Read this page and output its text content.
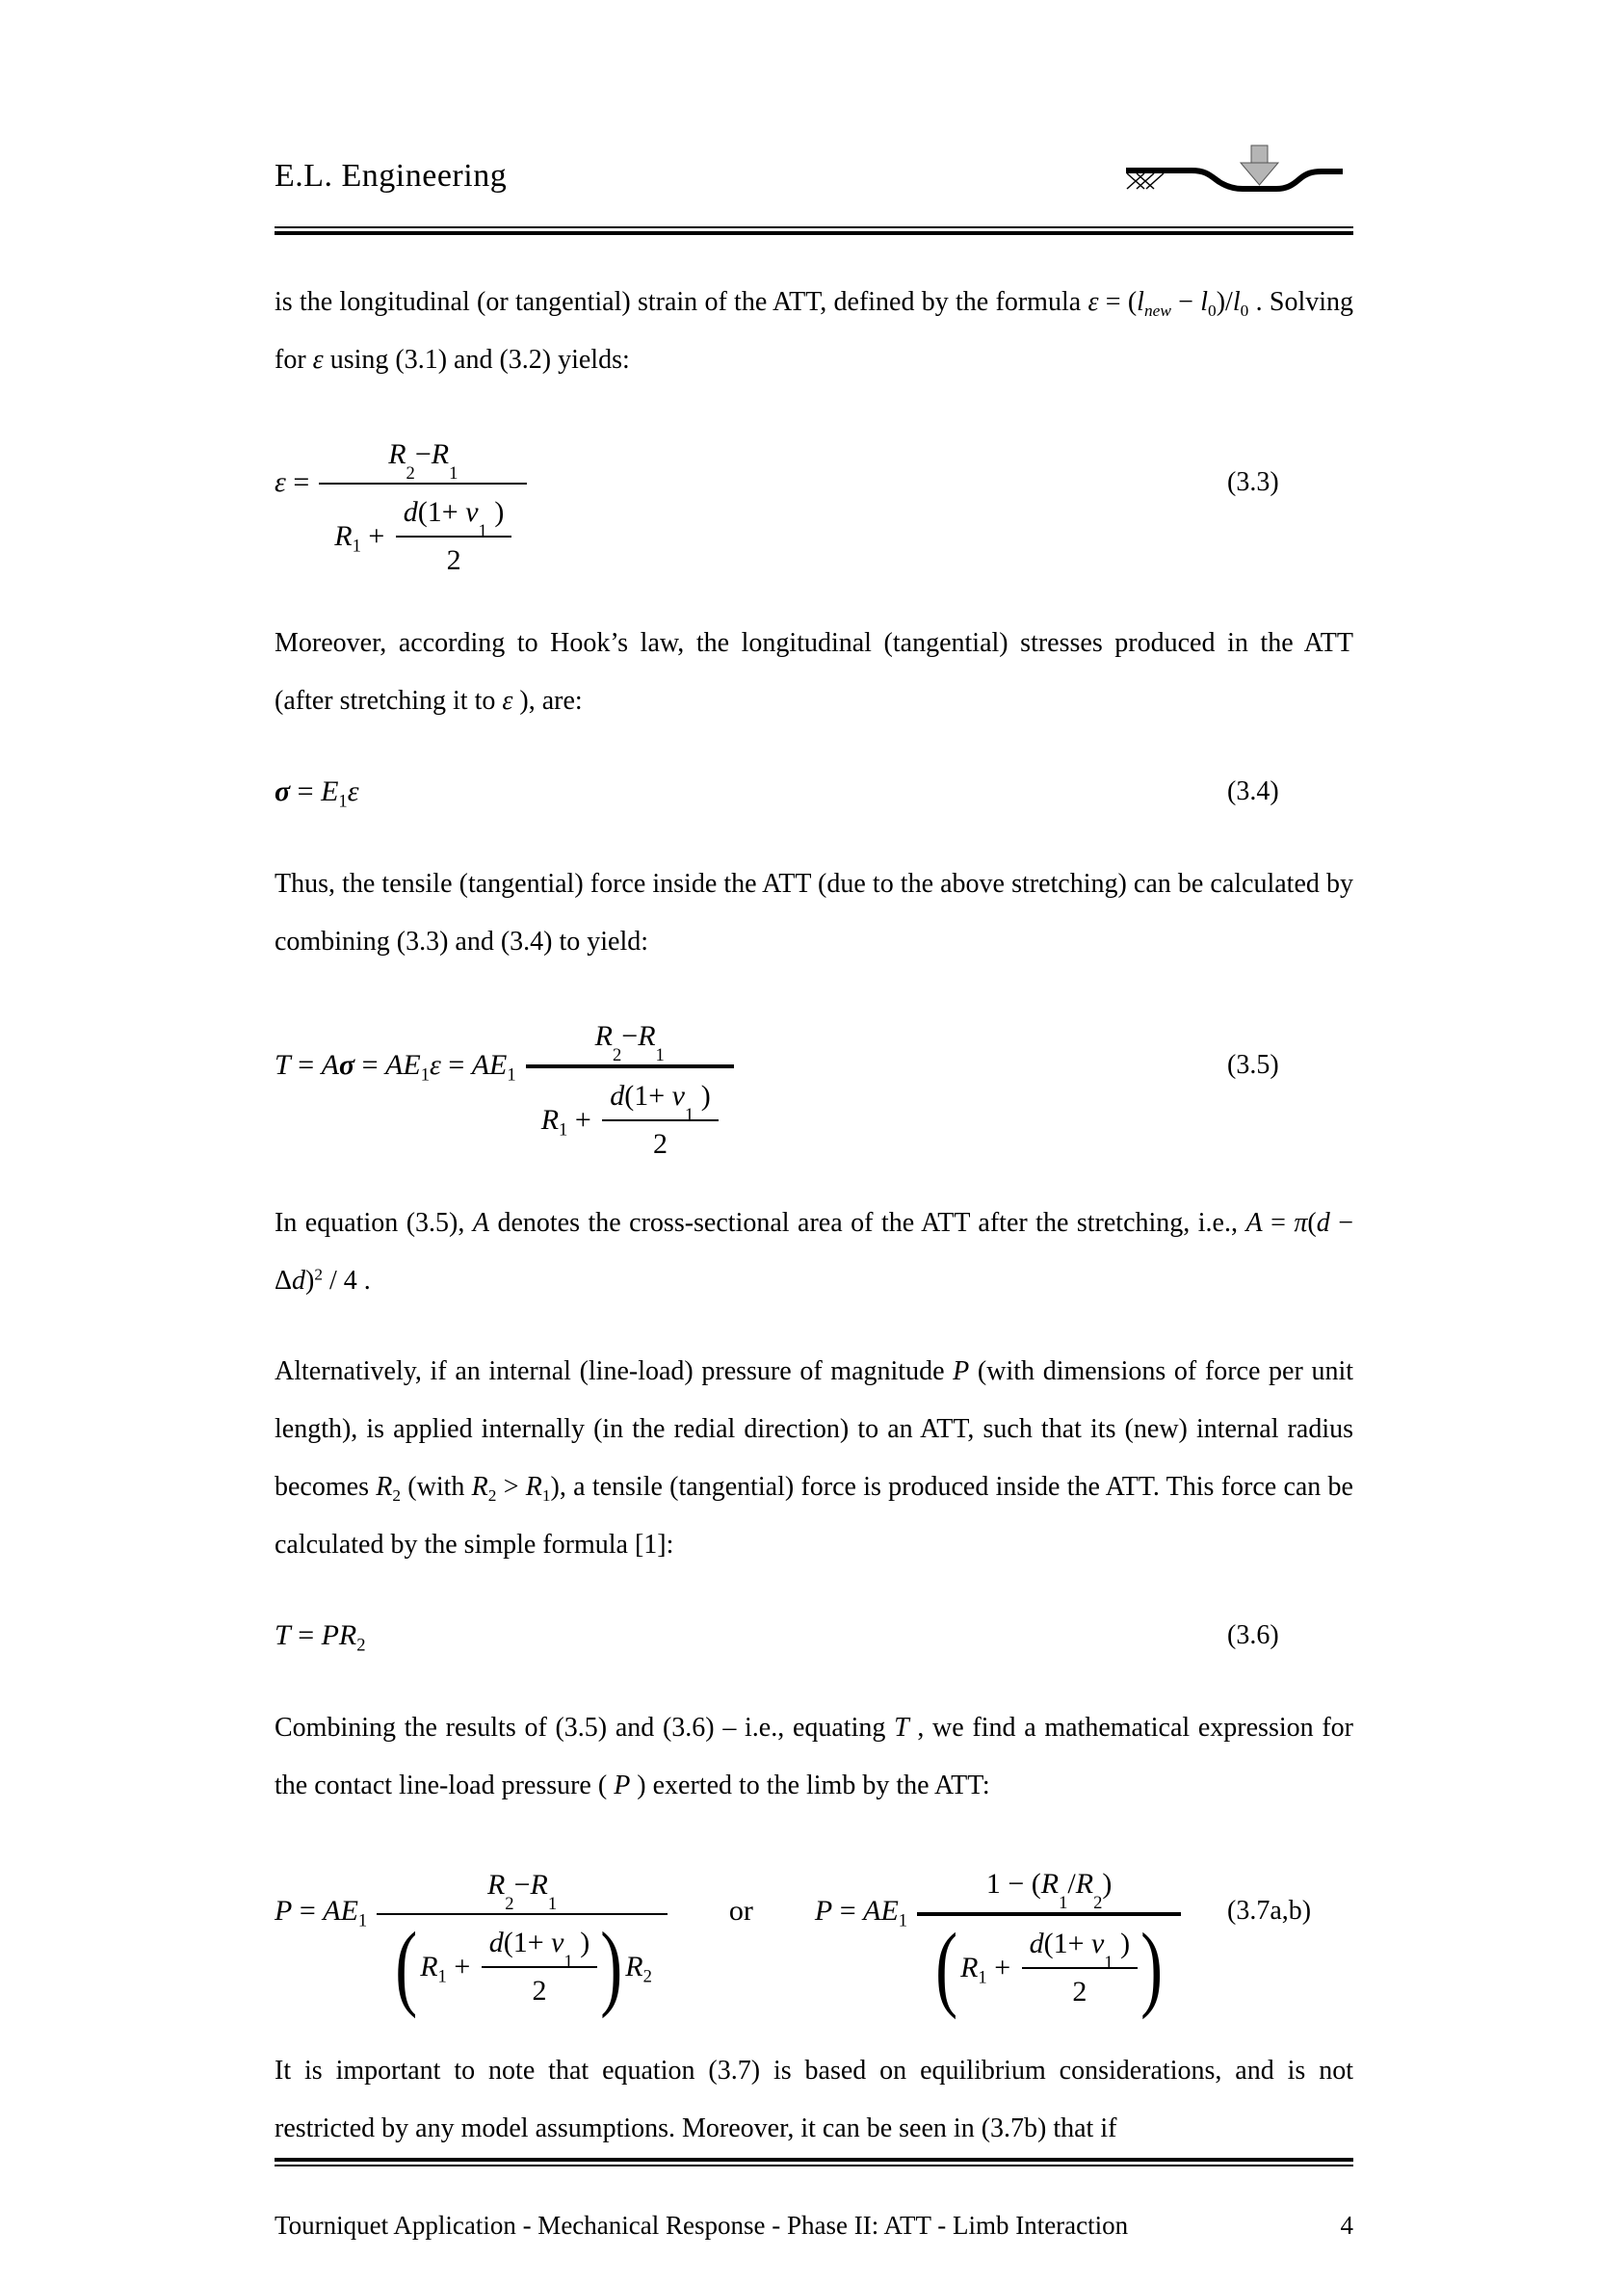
E.L. Engineering

is the longitudinal (or tangential) strain of the ATT, defined by the formula $\varepsilon = (l_{new} - l_0)/l_0$ . Solving for ε using (3.1) and (3.2) yields:

ε = R
2
− R
1
$R_1 + d$ (1+ ν
1
)
2	(3.3)

Moreover, according to Hook’s law, the longitudinal (tangential) stresses produced in the ATT (after stretching it to ε ), are:

$\sigma = E_1\varepsilon$	(3.4)

Thus, the tensile (tangential) force inside the ATT (due to the above stretching) can be calculated by combining (3.3) and (3.4) to yield:

$T = A\sigma = AE_1\varepsilon = AE_1$ R
2
− R
1
$R_1 + d$ (1+ ν
1
)
2	(3.5)

In equation (3.5), A denotes the cross-sectional area of the ATT after the stretching, i.e., $A = \pi(d - \Delta d)^2 / 4$ .

Alternatively, if an internal (line-load) pressure of magnitude P (with dimensions of force per unit length), is applied internally (in the redial direction) to an ATT, such that its (new) internal radius becomes $R_2$ (with $R_2 > R_1$), a tensile (tangential) force is produced inside the ATT. This force can be calculated by the simple formula [1]:

$T = PR_2$	(3.6)

Combining the results of (3.5) and (3.6) – i.e., equating T , we find a mathematical expression for the contact line-load pressure ( P ) exerted to the limb by the ATT:

$P = AE_1$
R
2
− R
1
( $R_1 + d$ (1+ ν
1
)
2 ) $R_2$
or $P = AE_1$
1 − ( R
1
/ R
2
)
( $R_1 + d$ (1+ ν
1
)
2 )
(3.7a,b)

It is important to note that equation (3.7) is based on equilibrium considerations, and is not restricted by any model assumptions. Moreover, it can be seen in (3.7b) that if

Tourniquet Application - Mechanical Response - Phase II: ATT - Limb Interaction	4
